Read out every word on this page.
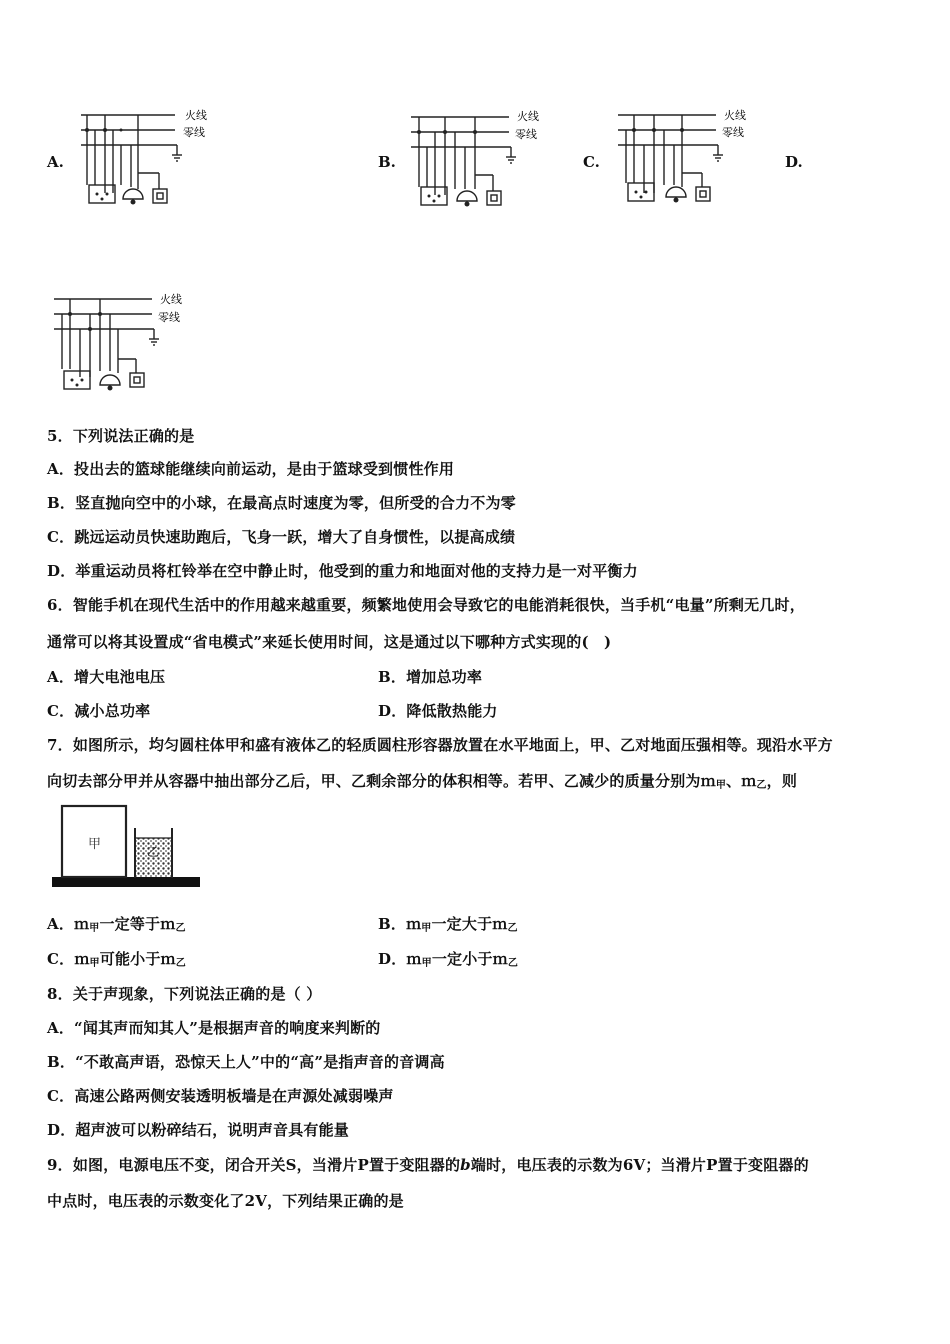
A.	B.	C.	D.
火线
零线
火线
零线
火线
零线
火线
零线
5．下列说法正确的是
A．投出去的篮球能继续向前运动，是由于篮球受到惯性作用
B．竖直抛向空中的小球，在最高点时速度为零，但所受的合力不为零
C．跳远运动员快速助跑后，飞身一跃，增大了自身惯性，以提高成绩
D．举重运动员将杠铃举在空中静止时，他受到的重力和地面对他的支持力是一对平衡力
6．智能手机在现代生活中的作用越来越重要，频繁地使用会导致它的电能消耗很快，当手机“电量”所剩无几时，
通常可以将其设置成“省电模式”来延长使用时间，这是通过以下哪种方式实现的(　)
A．增大电池电压	B．增加总功率
C．减小总功率	D．降低散热能力
7．如图所示，均匀圆柱体甲和盛有液体乙的轻质圆柱形容器放置在水平地面上，甲、乙对地面压强相等。现沿水平方
向切去部分甲并从容器中抽出部分乙后，甲、乙剩余部分的体积相等。若甲、乙减少的质量分别为ｍ$_甲$、ｍ$_乙$，则
甲	乙
A．ｍ$_甲$一定等于ｍ$_乙$	B．ｍ$_甲$一定大于ｍ$_乙$
C．ｍ$_甲$可能小于ｍ$_乙$	D．ｍ$_甲$一定小于ｍ$_乙$
8．关于声现象，下列说法正确的是（ ）
A．“闻其声而知其人”是根据声音的响度来判断的
B．“不敢高声语，恐惊天上人”中的“高”是指声音的音调高
C．高速公路两侧安装透明板墙是在声源处减弱噪声
D．超声波可以粉碎结石，说明声音具有能量
9．如图，电源电压不变，闭合开关S，当滑片P置于变阻器的b端时，电压表的示数为6V；当滑片P置于变阻器的
中点时，电压表的示数变化了2V，下列结果正确的是
